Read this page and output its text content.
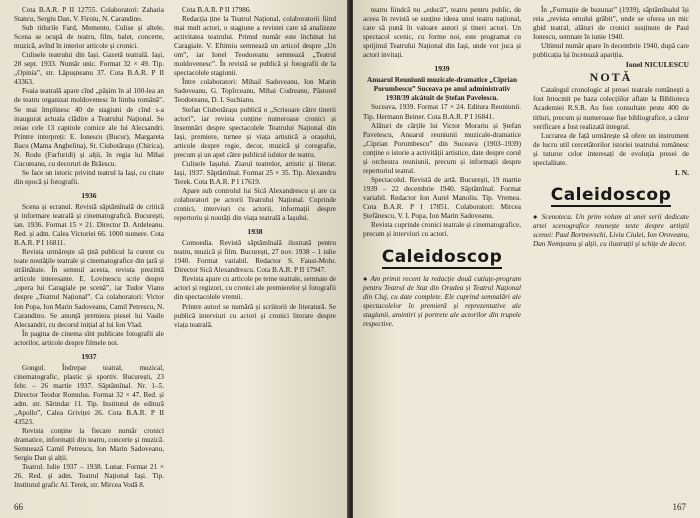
Cota B.A.R. P II 12755. Colaboratori: Zaharia Stancu, Sergiu Dan, V. Firoiu, N. Carandino.

Sub titlurile Fard, Memento, Culise și altele, Scena se ocupă de teatru, film, balet, concerte, muzică, avînd în interior articole și cronici.

Culisele teatrului din Iași. Gazetă teatrală. Iași, 28 sept. 1933. Număr unic. Format 32 × 49. Tip. „Opinia”, str. Lăpușneanu 37. Cota B.A.R. P II 43363.

Foaia teatrală apare cînd „pășim în al 100-lea an de teatru organizat moldovenesc în limba română”. Se mai împlinesc 40 de stagiuni de cînd s-a inaugurat actuala clădire a Teatrului Național. Se reiau cele 13 capitole comice ale lui Alecsandri. Printre interpreți: E. Ionescu (Bucur), Margareta Bacu (Mama Anghelina), St. Ciubotărașu (Chirica), N. Rodu (Farfuridi) și alții, în regia lui Mihai Cucuteanu, cu decoruri de Brăescu.

Se face un istoric privind teatrul la Iași, cu citate din epocă și fotografii.

1936

Scena și ecranul. Revistă săptămînală de critică și informare teatrală și cinematografică. București, ian. 1936. Format 15 × 21. Director D. Ardeleanu. Red. și adm. Calea Victoriei 66. 1000 numere. Cota B.A.R. P I 16811.

Revista urmărește să țină publicul la curent cu toate noutățile teatrale și cinematografice din țară și străinătate. În semnul acesta, revista prezintă articole interesante. E. Lovinescu scrie despre „opera lui Caragiale pe scenă”, iar Tudor Vianu despre „Teatrul Național”. Ca colaboratori: Victor Ion Popa, Ion Marin Sadoveanu, Camil Petrescu, N. Carandino. Se anunță premiera piesei lui Vasile Alecsandri, cu decorul inițial al lui Ion Vlad.

În pagina de cinema sînt publicate fotografii ale actorilor, articole despre filmele noi.

1937

Gongul. Îndrepar teatral, muzical, cinematografic, plastic și sportiv. București, 23 febr. – 26 martie 1937. Săptămînal. Nr. 1–5. Director Teodor Romulus. Format 32 × 47. Red. și adm. str. Sărindar 11. Tip. Institutul de editură „Apollo”, Calea Griviței 26. Cota B.A.R. P II 43523.

Revista conține la fiecare număr cronici dramatice, informații din teatru, concerte și muzică. Semnează Camil Petrescu, Ion Marin Sadoveanu, Sergiu Dan și alții.

Teatrul. Iulie 1937 – 1938. Lunar. Format 21 × 26. Red. și adm. Teatrul Național Iași. Tip. Institutul grafic Al. Terek, str. Mircea Vodă 8.

Cota B.A.R. P II 17986.

Redacția ține la Teatrul Național, colaboratorii fiind mai mult actori, o stagiune a revistei care să analizeze activitatea teatrului. Primul număr este închinat lui Caragiale. V. Eftimiu semnează un articol despre „Un om”, iar Ionel Teodoreanu semnează „Teatrul moldovenesc”. În revistă se publică și fotografii de la spectacolele stagiunii.

Între colaboratori: Mihail Sadoveanu, Ion Marin Sadoveanu, G. Topîrceanu, Mihai Codreanu, Păstorel Teodoreanu, D. I. Suchianu.

Stefan Ciubotărașu publică o „Scrisoare către tinerii actori”, iar revista conține numeroase cronici și însemnări despre spectacolele Teatrului Național din Iași, premiere, turnee și viața artistică a orașului, articole despre regie, decor, muzică și coregrafie, precum și un apel către publicul iubitor de teatru.

Culisele Iașului. Ziarul teatrelor, artistic și literar. Iași, 1937. Săptămînal. Format 25 × 35. Tip. Alexandru Terek. Cota B.A.R. P I 17619.

Apare sub controlul lui Sică Alexandrescu și are ca colaboratori pe actorii Teatrului Național. Cuprinde cronici, interviuri cu actorii, informații despre repertoriu și noutăți din viața teatrală a Iașului.

1938

Comoedia. Revistă săptămînală ilustrată pentru teatru, muzică și film. București, 27 nov. 1938 – 1 iulie 1940. Format variabil. Redactor S. Faust-Mohr. Director Sică Alexandrescu. Cota B.A.R. P II 17947.

Revista apare cu articole pe teme teatrale, semnate de actori și regizori, cu cronici ale premierelor și fotografii din spectacolele vremii.

Printre autori se numără și scriitorii de literatură. Se publică interviuri cu actori și cronici literare despre viața teatrală.

66

teatru fiindcă nu „educă”, teatru pentru public, de aceea în revistă se susține ideea unui teatru național, care să pună în valoare autori și tineri actori. Un spectacol scenic, cu forme noi, este programat cu sprijinul Teatrului Național din Iași, unde vor juca și actori invitați.

1939
Anuarul Reuniunii muzicale-dramatice „Ciprian Porumbescu” Suceava pe anul administrativ 1938/39 alcătuit de Ștefan Pavelescu.

Suceava, 1939. Format 17 × 24. Editura Reuniunii. Tip. Hermann Beiner. Cota B.A.R. P I 16841.

Alături de cărțile lui Victor Morariu și Ștefan Pavelescu, Anuarul reuniunii muzicale-dramatice „Ciprian Porumbescu” din Suceava (1903–1939) conține o istorie a activității artistice, date despre corul și orchestra reuniunii, precum și informații despre repertoriul teatral.

Spectacolul. Revistă de artă. București, 19 martie 1939 – 22 decembrie 1940. Săptămînal. Format variabil. Redactor Ion Aurel Manoliu. Tip. Vremea. Cota B.A.R. P I 17851. Colaboratori: Mircea Ștefănescu, V. I. Popa, Ion Marin Sadoveanu.

Revista cuprinde cronici teatrale și cinematografice, precum și interviuri cu actori.

Caleidoscop

● Am primit recent la redacție două cutiuțe-program pentru Teatrul de Stat din Oradea și Teatrul Național din Cluj, cu date complete. Ele cuprind semnalări ale spectacolelor în premieră și reprezentative ale stagiunii, amintiri și portrete ale actorilor din trupele respective.

În „Formație de buzunar” (1939), săptămînalul își reia „revista omului grăbit”, unde se oferea un mic ghid teatral, alături de cronici susținute de Paul Ionescu, semnate în iunie 1940.

Ultimul număr apare în decembrie 1940, după care publicația își încetează apariția.

Ionel NICULESCU
NOTĂ

Catalogul cronologic al presei teatrale românești a fost întocmit pe baza colecțiilor aflate la Biblioteca Academiei R.S.R. Au fost consultate peste 400 de titluri, precum și numeroase fișe bibliografice, a căror verificare a fost realizată integral.

Lucrarea de față urmărește să ofere un instrument de lucru util cercetătorilor istoriei teatrului românesc și tuturor celor interesați de evoluția presei de specialitate.

I. N.
Caleidoscop

● Scenoteca. Un prim volum al unei serii dedicate artei scenografice reunește texte despre artiștii scenei: Paul Bortnovschi, Liviu Ciulei, Ion Oroveanu, Dan Nemțeanu și alții, cu ilustrații și schițe de decor.

167
